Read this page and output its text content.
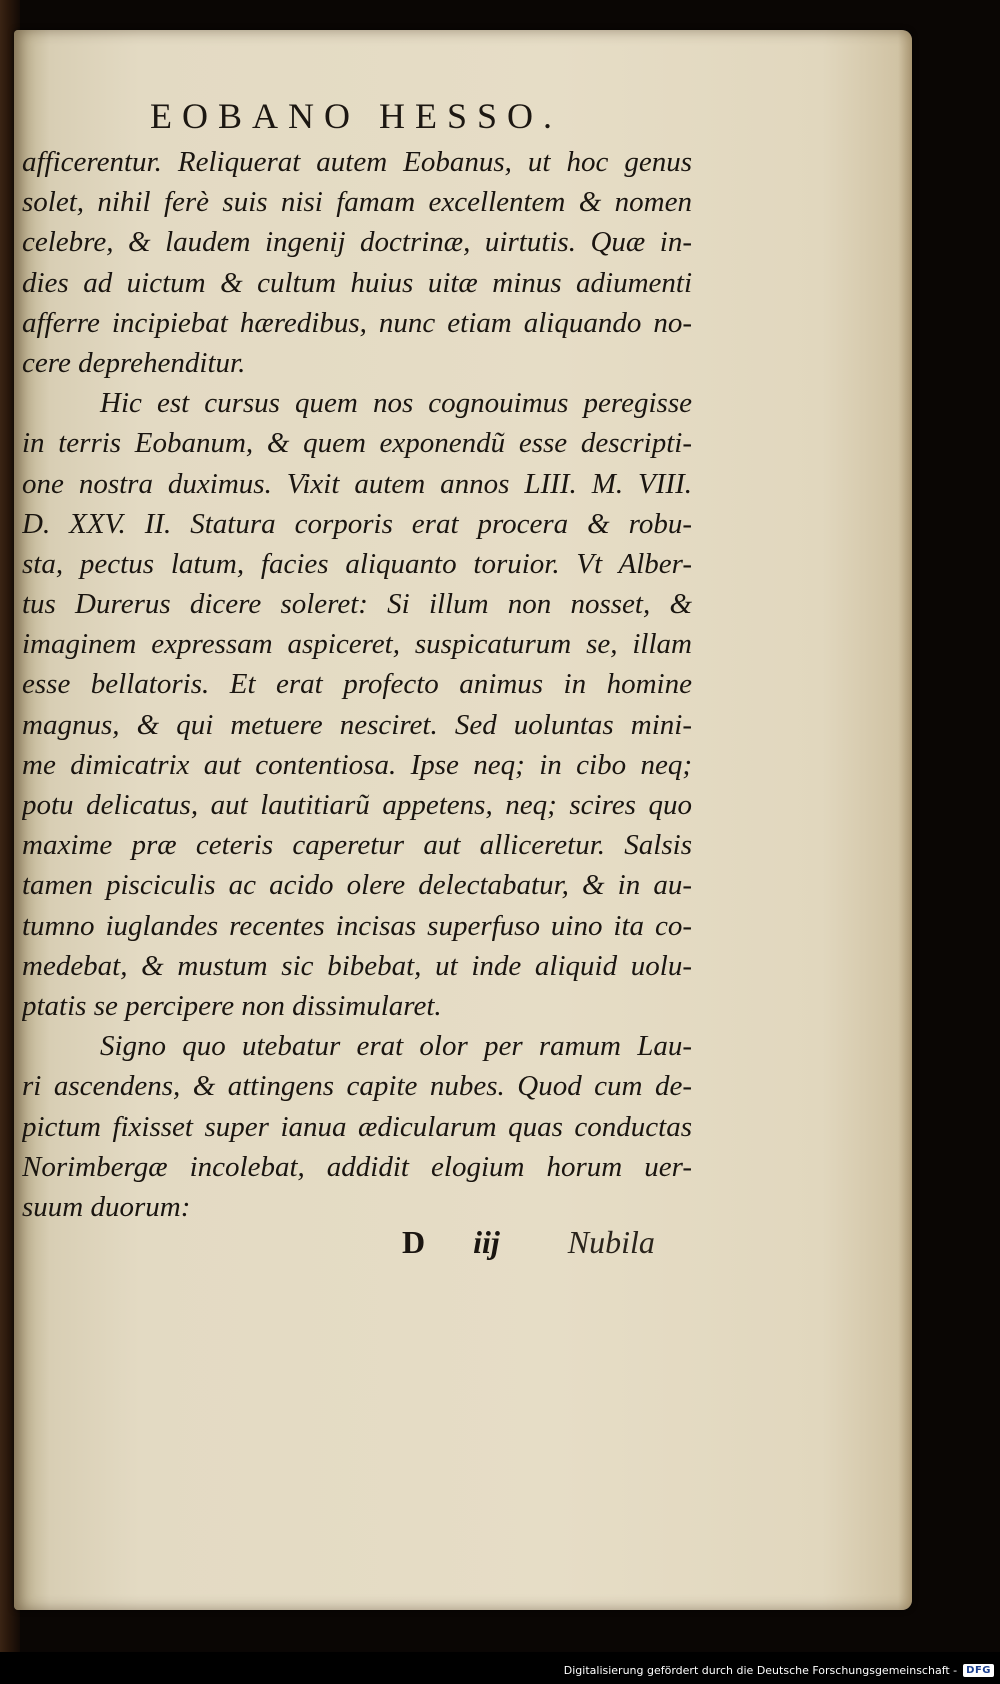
EOBANO HESSO.
afficerentur. Reliquerat autem Eobanus, ut hoc genus
solet, nihil ferè suis nisi famam excellentem & nomen
celebre, & laudem ingenij doctrinæ, uirtutis. Quæ in-
dies ad uictum & cultum huius uitæ minus adiumenti
afferre incipiebat hæredibus, nunc etiam aliquando no-
cere deprehenditur.
Hic est cursus quem nos cognouimus peregisse
in terris Eobanum, & quem exponendũ esse descripti-
one nostra duximus. Vixit autem annos LIII. M. VIII.
D. XXV. II. Statura corporis erat procera & robu-
sta, pectus latum, facies aliquanto toruior. Vt Alber-
tus Durerus dicere soleret: Si illum non nosset, &
imaginem expressam aspiceret, suspicaturum se, illam
esse bellatoris. Et erat profecto animus in homine
magnus, & qui metuere nesciret. Sed uoluntas mini-
me dimicatrix aut contentiosa. Ipse neq; in cibo neq;
potu delicatus, aut lautitiarũ appetens, neq; scires quo
maxime præ ceteris caperetur aut alliceretur. Salsis
tamen pisciculis ac acido olere delectabatur, & in au-
tumno iuglandes recentes incisas superfuso uino ita co-
medebat, & mustum sic bibebat, ut inde aliquid uolu-
ptatis se percipere non dissimularet.
Signo quo utebatur erat olor per ramum Lau-
ri ascendens, & attingens capite nubes. Quod cum de-
pictum fixisset super ianua ædicularum quas conductas
Norimbergæ incolebat, addidit elogium horum uer-
suum duorum:
D iij Nubila
Digitalisierung gefördert durch die Deutsche Forschungsgemeinschaft - DFG
